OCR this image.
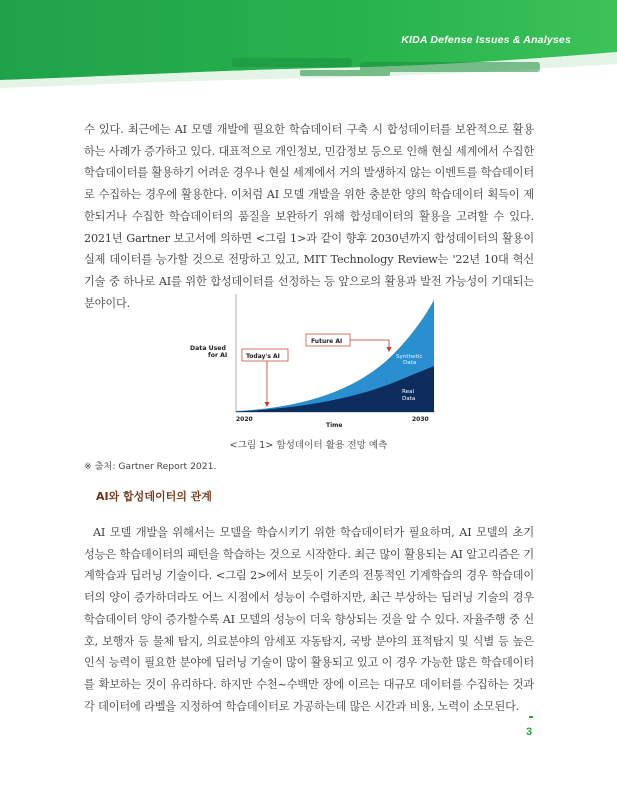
KIDA Defense Issues & Analyses

수 있다. 최근에는 AI 모델 개발에 필요한 학습데이터 구축 시 합성데이터를 보완적으로 활용하는 사례가 증가하고 있다. 대표적으로 개인정보, 민감정보 등으로 인해 현실 세계에서 수집한 학습데이터를 활용하기 어려운 경우나 현실 세계에서 거의 발생하지 않는 이벤트를 학습데이터로 수집하는 경우에 활용한다. 이처럼 AI 모델 개발을 위한 충분한 양의 학습데이터 획득이 제한되거나 수집한 학습데이터의 품질을 보완하기 위해 합성데이터의 활용을 고려할 수 있다. 2021년 Gartner 보고서에 의하면 <그림 1>과 같이 향후 2030년까지 합성데이터의 활용이 실제 데이터를 능가할 것으로 전망하고 있고, MIT Technology Review는 '22년 10대 혁신기술 중 하나로 AI를 위한 합성데이터를 선정하는 등 앞으로의 활용과 발전 가능성이 기대되는 분야이다.

Data Used
for AI	Today's AI
Future AI
Synthetic
Data
Real
Data
2020	2030
Time
<그림 1> 합성데이터 활용 전망 예측
※ 출처: Gartner Report 2021.
AI와 합성데이터의 관계

AI 모델 개발을 위해서는 모델을 학습시키기 위한 학습데이터가 필요하며, AI 모델의 초기 성능은 학습데이터의 패턴을 학습하는 것으로 시작한다. 최근 많이 활용되는 AI 알고리즘은 기계학습과 딥러닝 기술이다. <그림 2>에서 보듯이 기존의 전통적인 기계학습의 경우 학습데이터의 양이 증가하더라도 어느 시점에서 성능이 수렴하지만, 최근 부상하는 딥러닝 기술의 경우 학습데이터 양이 증가할수록 AI 모델의 성능이 더욱 향상되는 것을 알 수 있다. 자율주행 중 신호, 보행자 등 물체 탐지, 의료분야의 암세포 자동탐지, 국방 분야의 표적탐지 및 식별 등 높은 인식 능력이 필요한 분야에 딥러닝 기술이 많이 활용되고 있고 이 경우 가능한 많은 학습데이터를 확보하는 것이 유리하다. 하지만 수천~수백만 장에 이르는 대규모 데이터를 수집하는 것과 각 데이터에 라벨을 지정하여 학습데이터로 가공하는데 많은 시간과 비용, 노력이 소모된다.

3
